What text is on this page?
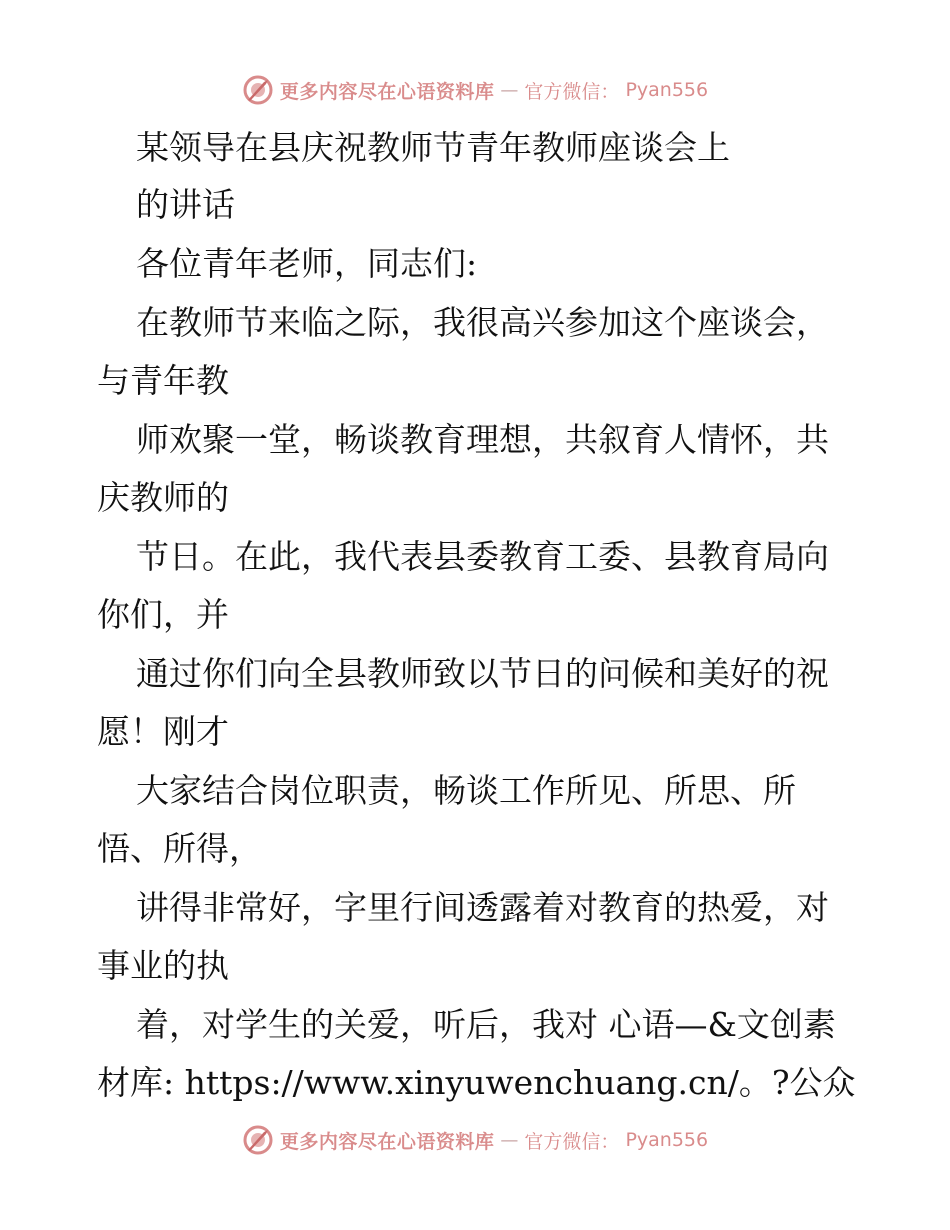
更多内容尽在心语资料库 — 官方微信： Pyan556
某领导在县庆祝教师节青年教师座谈会上
的讲话
各位青年老师，同志们:
在教师节来临之际，我很高兴参加这个座谈会，
与青年教
师欢聚一堂，畅谈教育理想，共叙育人情怀，共
庆教师的
节日。在此，我代表县委教育工委、县教育局向
你们，并
通过你们向全县教师致以节日的问候和美好的祝
愿！刚才
大家结合岗位职责，畅谈工作所见、所思、所
悟、所得，
讲得非常好，字里行间透露着对教育的热爱，对
事业的执
着，对学生的关爱，听后，我对 心语—&文创素
材库: https://www.xinyuwenchuang.cn/。?公众
更多内容尽在心语资料库 — 官方微信： Pyan556
